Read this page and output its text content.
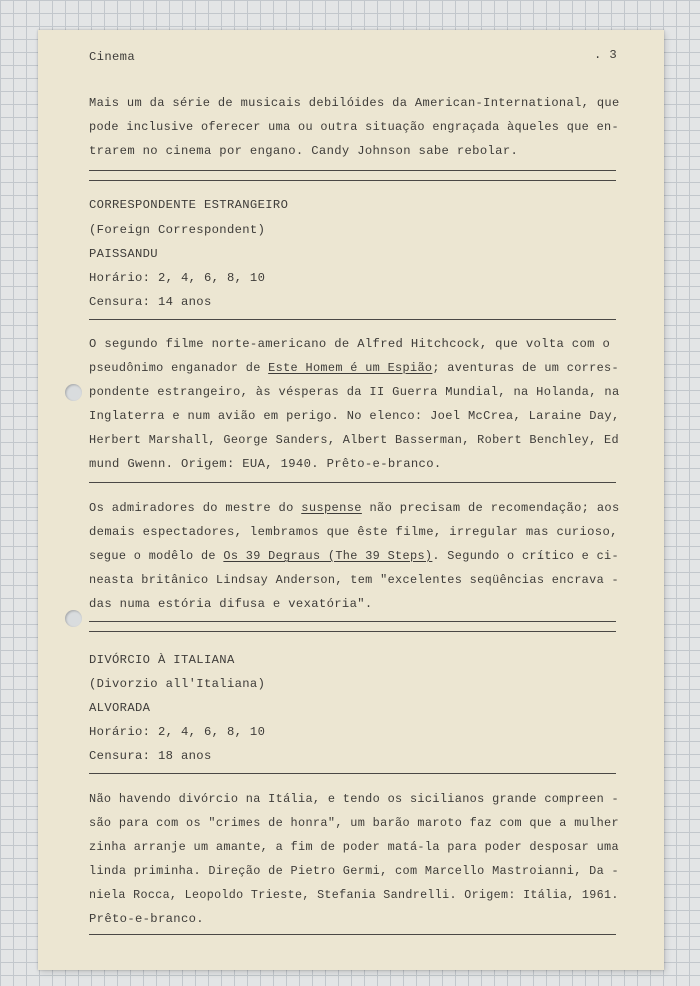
Cinema	. 3
Mais um da série de musicais debilóides da American-International, que
pode inclusive oferecer uma ou outra situação engraçada àqueles que en-
trarem no cinema por engano. Candy Johnson sabe rebolar.
CORRESPONDENTE ESTRANGEIRO
(Foreign Correspondent)
PAISSANDU
Horário: 2, 4, 6, 8, 10
Censura: 14 anos
O segundo filme norte-americano de Alfred Hitchcock, que volta com o
pseudônimo enganador de Este Homem é um Espião; aventuras de um corres-
pondente estrangeiro, às vésperas da II Guerra Mundial, na Holanda, na
Inglaterra e num avião em perigo. No elenco: Joel McCrea, Laraine Day,
Herbert Marshall, George Sanders, Albert Basserman, Robert Benchley, Ed
mund Gwenn. Origem: EUA, 1940. Prêto-e-branco.
Os admiradores do mestre do suspense não precisam de recomendação; aos
demais espectadores, lembramos que êste filme, irregular mas curioso,
segue o modêlo de Os 39 Degraus (The 39 Steps). Segundo o crítico e ci-
neasta britânico Lindsay Anderson, tem "excelentes seqüências encrava -
das numa estória difusa e vexatória".
DIVÓRCIO À ITALIANA
(Divorzio all'Italiana)
ALVORADA
Horário: 2, 4, 6, 8, 10
Censura: 18 anos
Não havendo divórcio na Itália, e tendo os sicilianos grande compreen -
são para com os "crimes de honra", um barão maroto faz com que a mulher
zinha arranje um amante, a fim de poder matá-la para poder desposar uma
linda priminha. Direção de Pietro Germi, com Marcello Mastroianni, Da -
niela Rocca, Leopoldo Trieste, Stefania Sandrelli. Origem: Itália, 1961.
Prêto-e-branco.
